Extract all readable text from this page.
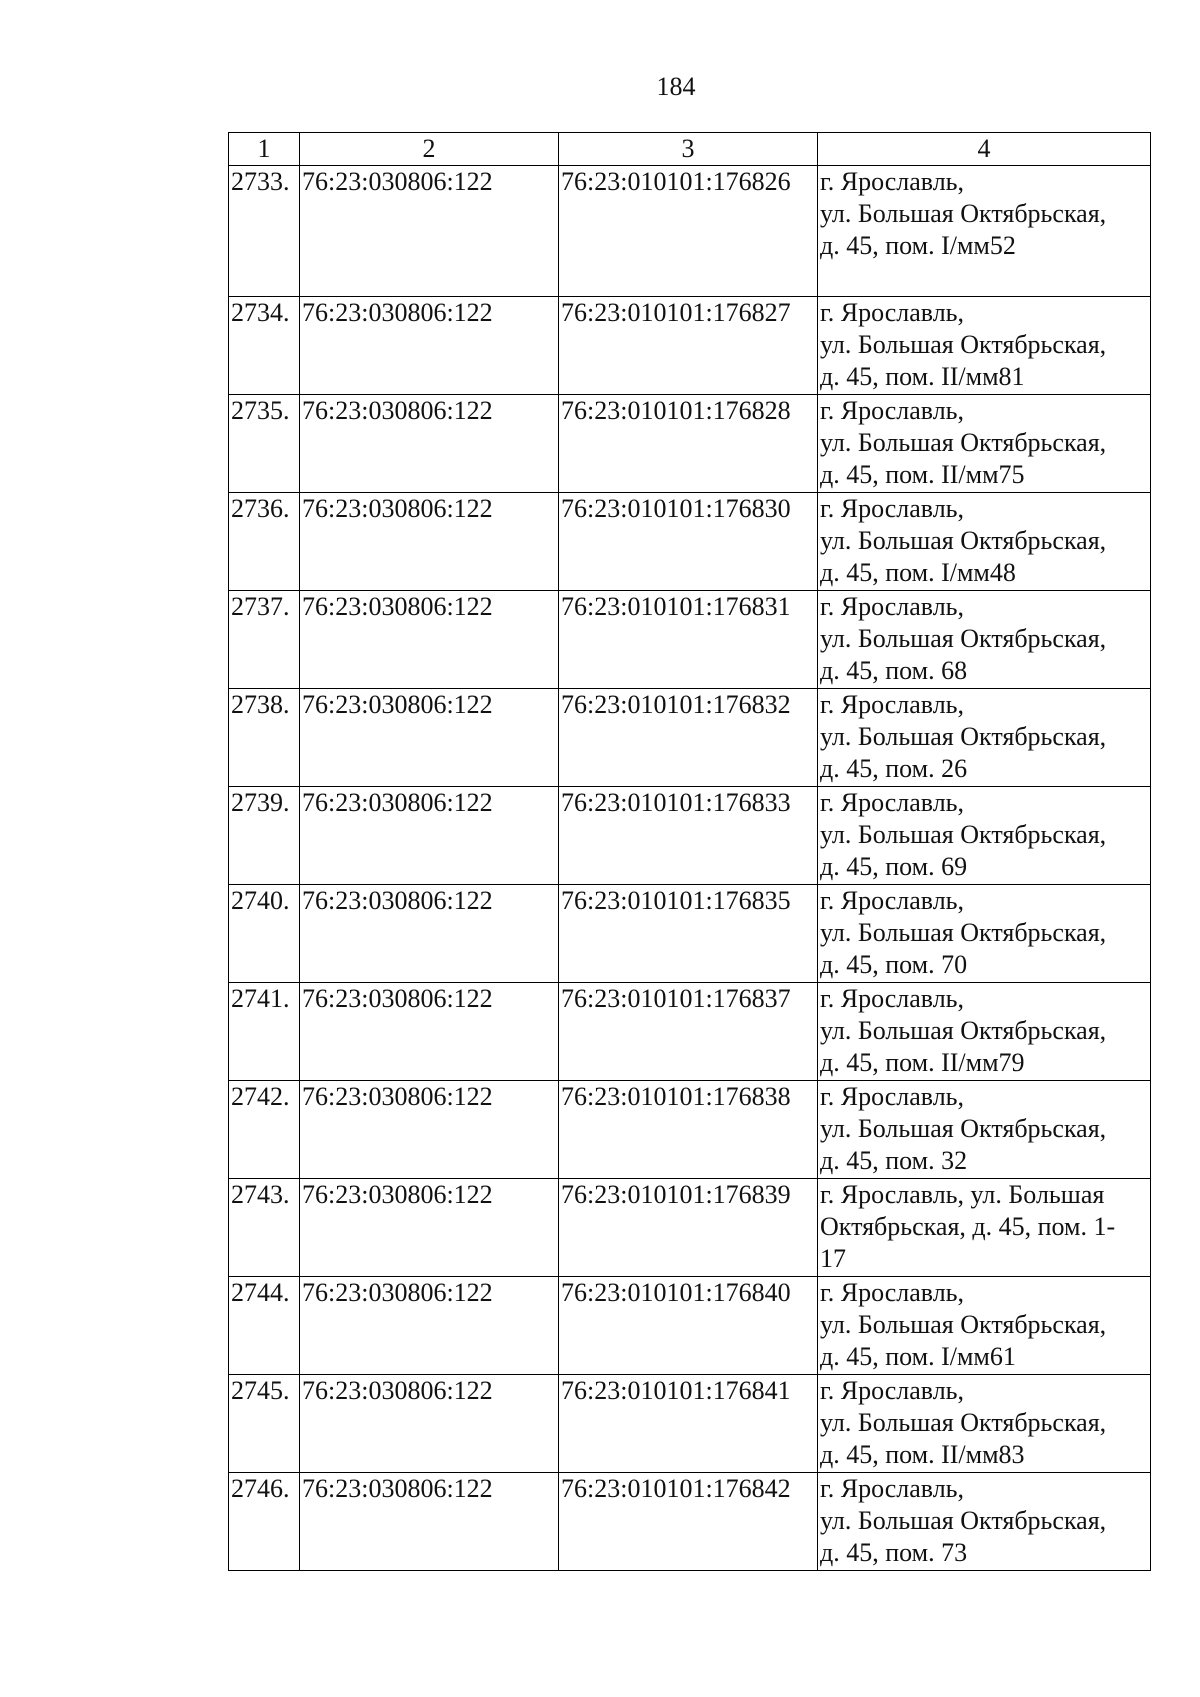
184
1	2	3	4
2733.	76:23:030806:122	76:23:010101:176826	г. Ярославль,
ул. Большая Октябрьская,
д. 45, пом. I/мм52

2734.	76:23:030806:122	76:23:010101:176827	г. Ярославль,
ул. Большая Октябрьская,
д. 45, пом. II/мм81

2735.	76:23:030806:122	76:23:010101:176828	г. Ярославль,
ул. Большая Октябрьская,
д. 45, пом. II/мм75

2736.	76:23:030806:122	76:23:010101:176830	г. Ярославль,
ул. Большая Октябрьская,
д. 45, пом. I/мм48

2737.	76:23:030806:122	76:23:010101:176831	г. Ярославль,
ул. Большая Октябрьская,
д. 45, пом. 68

2738.	76:23:030806:122	76:23:010101:176832	г. Ярославль,
ул. Большая Октябрьская,
д. 45, пом. 26

2739.	76:23:030806:122	76:23:010101:176833	г. Ярославль,
ул. Большая Октябрьская,
д. 45, пом. 69

2740.	76:23:030806:122	76:23:010101:176835	г. Ярославль,
ул. Большая Октябрьская,
д. 45, пом. 70

2741.	76:23:030806:122	76:23:010101:176837	г. Ярославль,
ул. Большая Октябрьская,
д. 45, пом. II/мм79

2742.	76:23:030806:122	76:23:010101:176838	г. Ярославль,
ул. Большая Октябрьская,
д. 45, пом. 32

2743.	76:23:030806:122	76:23:010101:176839	г. Ярославль, ул. Большая
Октябрьская, д. 45, пом. 1-
17

2744.	76:23:030806:122	76:23:010101:176840	г. Ярославль,
ул. Большая Октябрьская,
д. 45, пом. I/мм61

2745.	76:23:030806:122	76:23:010101:176841	г. Ярославль,
ул. Большая Октябрьская,
д. 45, пом. II/мм83

2746.	76:23:030806:122	76:23:010101:176842	г. Ярославль,
ул. Большая Октябрьская,
д. 45, пом. 73
